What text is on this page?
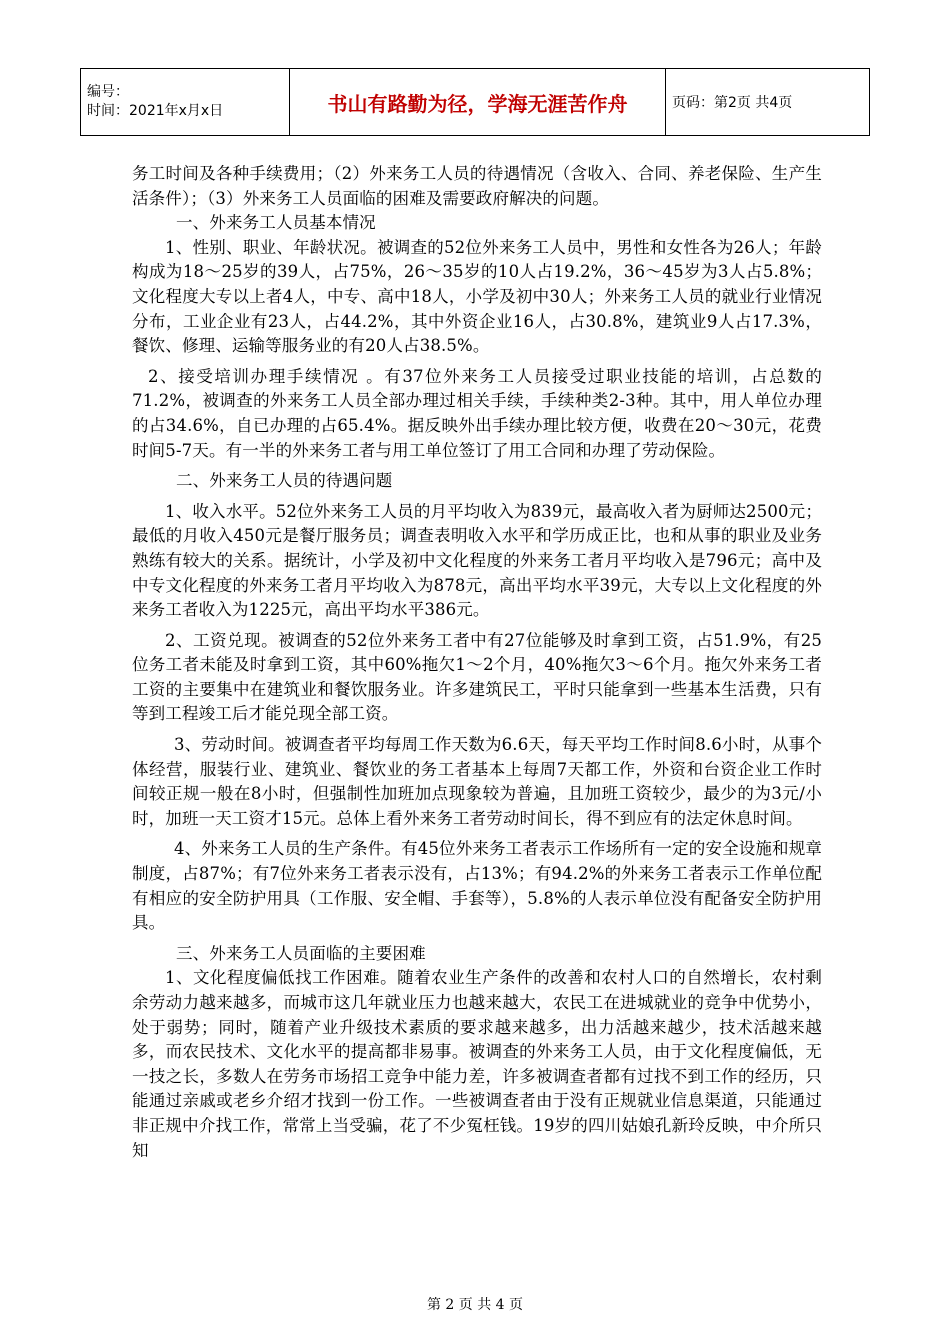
编号：
时间：2021年x月x日	书山有路勤为径，学海无涯苦作舟	页码：第2页 共4页

务工时间及各种手续费用；（2）外来务工人员的待遇情况（含收入、合同、养老保险、生产生活条件）；（3）外来务工人员面临的困难及需要政府解决的问题。

一、外来务工人员基本情况

1、性别、职业、年龄状况。被调查的52位外来务工人员中，男性和女性各为26人；年龄构成为18～25岁的39人，占75%，26～35岁的10人占19.2%，36～45岁为3人占5.8%；文化程度大专以上者4人，中专、高中18人，小学及初中30人；外来务工人员的就业行业情况分布，工业企业有23人，占44.2%，其中外资企业16人，占30.8%，建筑业9人占17.3%，餐饮、修理、运输等服务业的有20人占38.5%。

2、接受培训办理手续情况 。有37位外来务工人员接受过职业技能的培训，占总数的71.2%，被调查的外来务工人员全部办理过相关手续，手续种类2-3种。其中，用人单位办理的占34.6%，自已办理的占65.4%。据反映外出手续办理比较方便，收费在20～30元，花费时间5-7天。有一半的外来务工者与用工单位签订了用工合同和办理了劳动保险。

二、外来务工人员的待遇问题

1、收入水平。52位外来务工人员的月平均收入为839元，最高收入者为厨师达2500元；最低的月收入450元是餐厅服务员；调查表明收入水平和学历成正比，也和从事的职业及业务熟练有较大的关系。据统计，小学及初中文化程度的外来务工者月平均收入是796元；高中及中专文化程度的外来务工者月平均收入为878元，高出平均水平39元，大专以上文化程度的外来务工者收入为1225元，高出平均水平386元。

2、工资兑现。被调查的52位外来务工者中有27位能够及时拿到工资，占51.9%，有25位务工者未能及时拿到工资，其中60%拖欠1～2个月，40%拖欠3～6个月。拖欠外来务工者工资的主要集中在建筑业和餐饮服务业。许多建筑民工，平时只能拿到一些基本生活费，只有等到工程竣工后才能兑现全部工资。

3、劳动时间。被调查者平均每周工作天数为6.6天，每天平均工作时间8.6小时，从事个体经营，服装行业、建筑业、餐饮业的务工者基本上每周7天都工作，外资和台资企业工作时间较正规一般在8小时，但强制性加班加点现象较为普遍，且加班工资较少，最少的为3元/小时，加班一天工资才15元。总体上看外来务工者劳动时间长，得不到应有的法定休息时间。

4、外来务工人员的生产条件。有45位外来务工者表示工作场所有一定的安全设施和规章制度，占87%；有7位外来务工者表示没有，占13%；有94.2%的外来务工者表示工作单位配有相应的安全防护用具（工作服、安全帽、手套等），5.8%的人表示单位没有配备安全防护用具。

三、外来务工人员面临的主要困难

1、文化程度偏低找工作困难。随着农业生产条件的改善和农村人口的自然增长，农村剩余劳动力越来越多，而城市这几年就业压力也越来越大，农民工在进城就业的竞争中优势小，处于弱势；同时，随着产业升级技术素质的要求越来越多，出力活越来越少，技术活越来越多，而农民技术、文化水平的提高都非易事。被调查的外来务工人员，由于文化程度偏低，无一技之长，多数人在劳务市场招工竞争中能力差，许多被调查者都有过找不到工作的经历，只能通过亲戚或老乡介绍才找到一份工作。一些被调查者由于没有正规就业信息渠道，只能通过非正规中介找工作，常常上当受骗，花了不少冤枉钱。19岁的四川姑娘孔新玲反映，中介所只知

第 2 页 共 4 页
